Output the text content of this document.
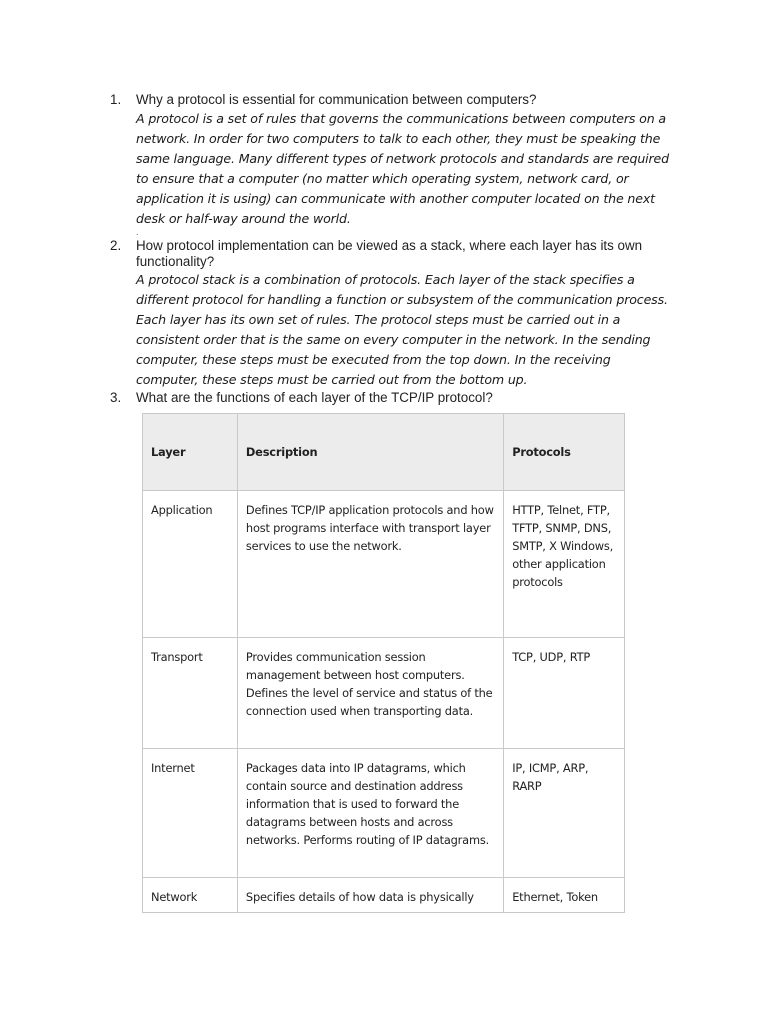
1. Why a protocol is essential for communication between computers?
A protocol is a set of rules that governs the communications between computers on a network. In order for two computers to talk to each other, they must be speaking the same language. Many different types of network protocols and standards are required to ensure that a computer (no matter which operating system, network card, or application it is using) can communicate with another computer located on the next desk or half-way around the world.
.
2. How protocol implementation can be viewed as a stack, where each layer has its own functionality?
A protocol stack is a combination of protocols. Each layer of the stack specifies a different protocol for handling a function or subsystem of the communication process. Each layer has its own set of rules. The protocol steps must be carried out in a consistent order that is the same on every computer in the network. In the sending computer, these steps must be executed from the top down. In the receiving computer, these steps must be carried out from the bottom up.
3. What are the functions of each layer of the TCP/IP protocol?
Layer	Description	Protocols
Application	Defines TCP/IP application protocols and how host programs interface with transport layer services to use the network.	HTTP, Telnet, FTP, TFTP, SNMP, DNS, SMTP, X Windows, other application protocols
Transport	Provides communication session management between host computers. Defines the level of service and status of the connection used when transporting data.	TCP, UDP, RTP
Internet	Packages data into IP datagrams, which contain source and destination address information that is used to forward the datagrams between hosts and across networks. Performs routing of IP datagrams.	IP, ICMP, ARP, RARP
Network	Specifies details of how data is physically	Ethernet, Token
